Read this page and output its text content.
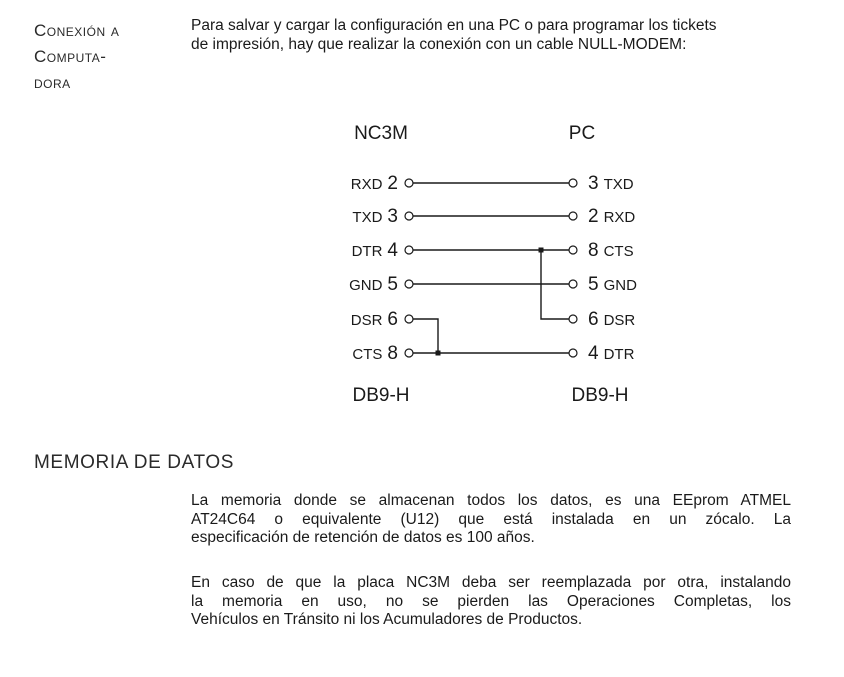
Conexión a
Computa-
dora
Para salvar y cargar la configuración en una PC o para programar los tickets
de impresión, hay que realizar la conexión con un cable NULL-MODEM:
NC3M	PC
RXD 2
TXD 3
DTR 4
GND 5
DSR 6
CTS 8
3 TXD
2 RXD
8 CTS
5 GND
6 DSR
4 DTR
DB9-H	DB9-H
MEMORIA DE DATOS
La memoria donde se almacenan todos los datos, es una EEprom ATMEL
AT24C64 o equivalente (U12) que está instalada en un zócalo. La
especificación de retención de datos es 100 años.
En caso de que la placa NC3M deba ser reemplazada por otra, instalando
la memoria en uso, no se pierden las Operaciones Completas, los
Vehículos en Tránsito ni los Acumuladores de Productos.
